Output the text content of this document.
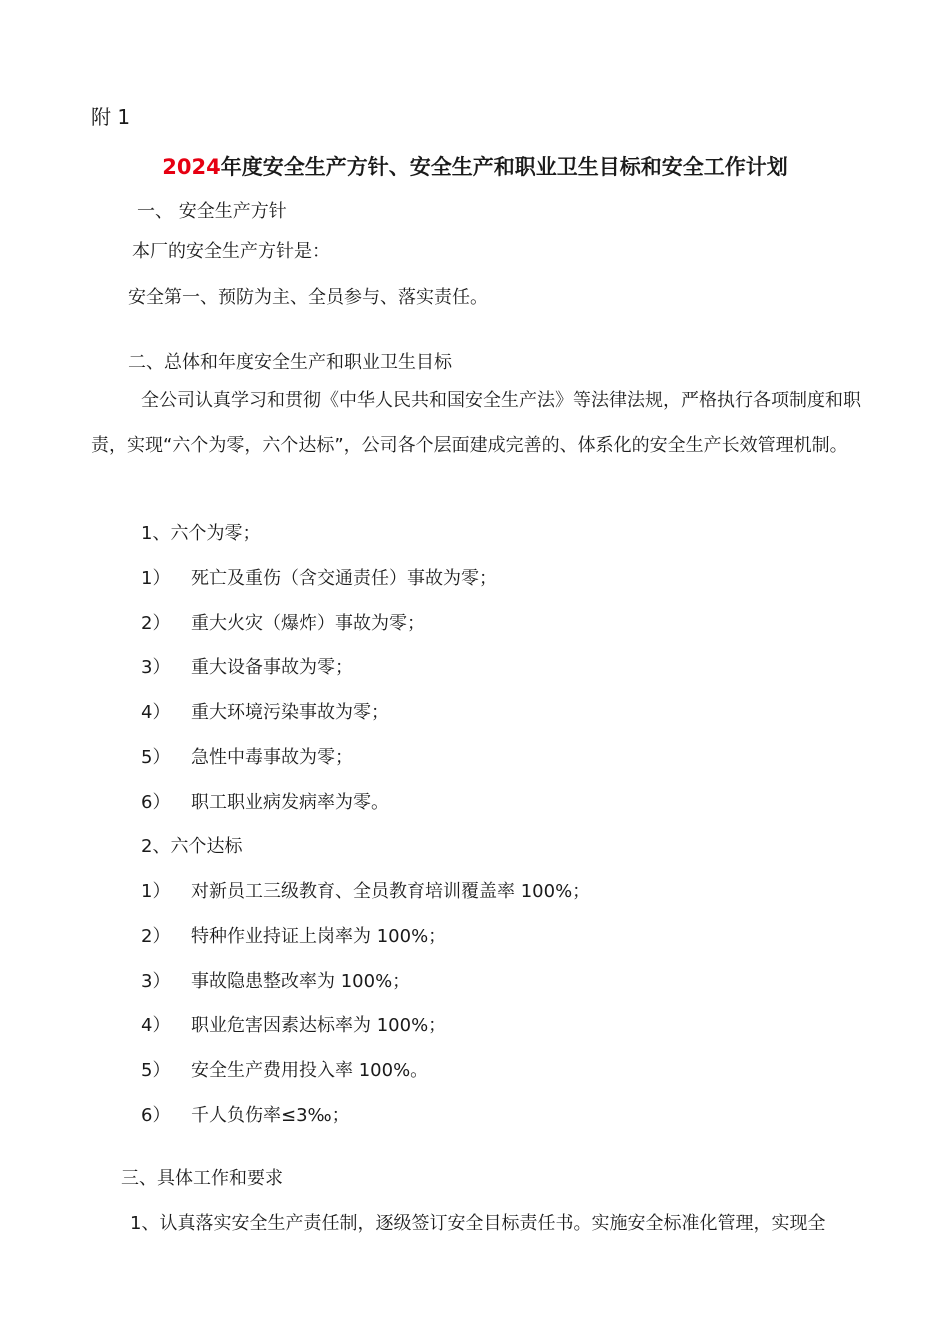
附 1
2024年度安全生产方针、安全生产和职业卫生目标和安全工作计划
一、 安全生产方针
本厂的安全生产方针是：
安全第一、预防为主、全员参与、落实责任。
二、总体和年度安全生产和职业卫生目标
全公司认真学习和贯彻《中华人民共和国安全生产法》等法律法规，严格执行各项制度和职责，实现“六个为零，六个达标”，公司各个层面建成完善的、体系化的安全生产长效管理机制。
1、六个为零；
1） 死亡及重伤（含交通责任）事故为零；
2） 重大火灾（爆炸）事故为零；
3） 重大设备事故为零；
4） 重大环境污染事故为零；
5） 急性中毒事故为零；
6） 职工职业病发病率为零。
2、六个达标
1） 对新员工三级教育、全员教育培训覆盖率 100%；
2） 特种作业持证上岗率为 100%；
3） 事故隐患整改率为 100%；
4） 职业危害因素达标率为 100%；
5） 安全生产费用投入率 100%。
6） 千人负伤率≤3‰；
三、具体工作和要求
1、认真落实安全生产责任制，逐级签订安全目标责任书。实施安全标准化管理，实现全
